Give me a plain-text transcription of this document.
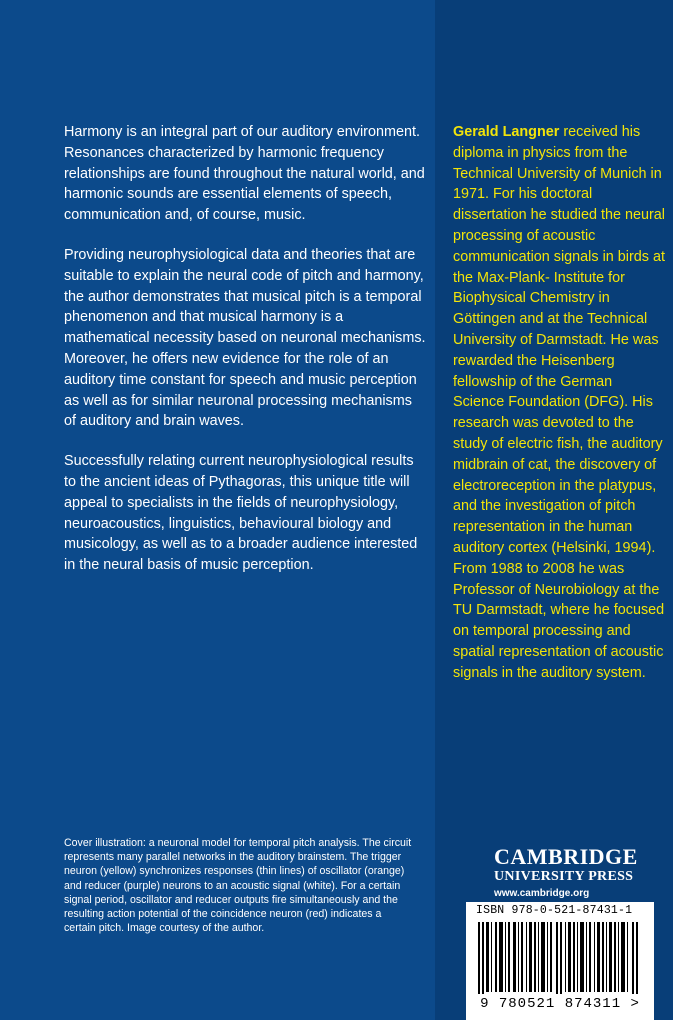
Harmony is an integral part of our auditory environment. Resonances characterized by harmonic frequency relationships are found throughout the natural world, and harmonic sounds are essential elements of speech, communication and, of course, music.

Providing neurophysiological data and theories that are suitable to explain the neural code of pitch and harmony, the author demonstrates that musical pitch is a temporal phenomenon and that musical harmony is a mathematical necessity based on neuronal mechanisms. Moreover, he offers new evidence for the role of an auditory time constant for speech and music perception as well as for similar neuronal processing mechanisms of auditory and brain waves.

Successfully relating current neurophysiological results to the ancient ideas of Pythagoras, this unique title will appeal to specialists in the fields of neurophysiology, neuroacoustics, linguistics, behavioural biology and musicology, as well as to a broader audience interested in the neural basis of music perception.

Gerald Langner received his diploma in physics from the Technical University of Munich in 1971. For his doctoral dissertation he studied the neural processing of acoustic communication signals in birds at the Max-Plank- Institute for Biophysical Chemistry in Göttingen and at the Technical University of Darmstadt. He was rewarded the Heisenberg fellowship of the German Science Foundation (DFG). His research was devoted to the study of electric fish, the auditory midbrain of cat, the discovery of electroreception in the platypus, and the investigation of pitch representation in the human auditory cortex (Helsinki, 1994). From 1988 to 2008 he was Professor of Neurobiology at the TU Darmstadt, where he focused on temporal processing and spatial representation of acoustic signals in the auditory system.
Cover illustration: a neuronal model for temporal pitch analysis. The circuit represents many parallel networks in the auditory brainstem. The trigger neuron (yellow) synchronizes responses (thin lines) of oscillator (orange) and reducer (purple) neurons to an acoustic signal (white). For a certain signal period, oscillator and reducer outputs fire simultaneously and the resulting action potential of the coincidence neuron (red) indicates a certain pitch. Image courtesy of the author.
CAMBRIDGE
UNIVERSITY PRESS
www.cambridge.org
ISBN 978-0-521-87431-1
9 780521 874311 >
